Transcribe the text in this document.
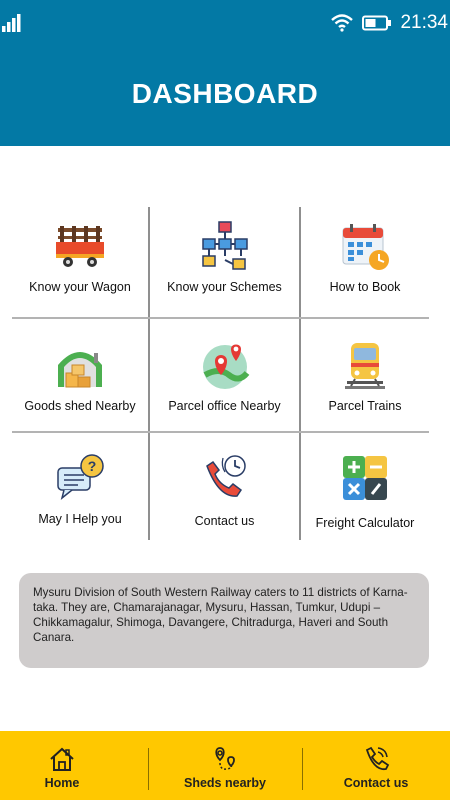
21:34
DASHBOARD
Know your Wagon	Know your Schemes	How to Book
Goods shed Nearby	Parcel office Nearby	Parcel Trains
?
May I Help you	Contact us	Freight Calculator
Mysuru Division of South Western Railway caters to 11 districts of Karna-taka. They are, Chamarajanagar, Mysuru, Hassan, Tumkur, Udupi – Chikkamagalur, Shimoga, Davangere, Chitradurga, Haveri and South Canara.
Home	Sheds nearby	Contact us
